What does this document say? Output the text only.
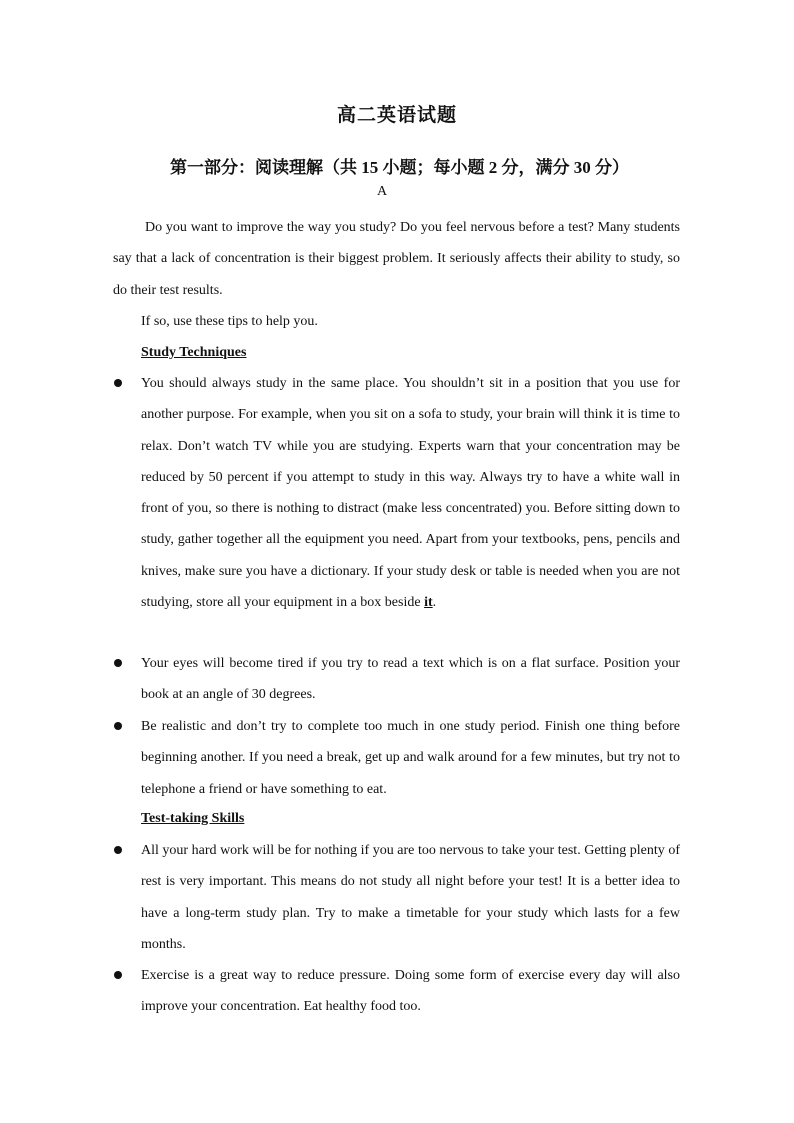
高二英语试题
第一部分：阅读理解（共 15 小题；每小题 2 分，满分 30 分）
A

Do you want to improve the way you study? Do you feel nervous before a test? Many students say that a lack of concentration is their biggest problem. It seriously affects their ability to study, so do their test results.

If so, use these tips to help you.

Study Techniques

You should always study in the same place. You shouldn’t sit in a position that you use for another purpose. For example, when you sit on a sofa to study, your brain will think it is time to relax. Don’t watch TV while you are studying. Experts warn that your concentration may be reduced by 50 percent if you attempt to study in this way. Always try to have a white wall in front of you, so there is nothing to distract (make less concentrated) you. Before sitting down to study, gather together all the equipment you need. Apart from your textbooks, pens, pencils and knives, make sure you have a dictionary. If your study desk or table is needed when you are not studying, store all your equipment in a box beside it.
Your eyes will become tired if you try to read a text which is on a flat surface. Position your book at an angle of 30 degrees.
Be realistic and don’t try to complete too much in one study period. Finish one thing before beginning another. If you need a break, get up and walk around for a few minutes, but try not to telephone a friend or have something to eat.

Test-taking Skills

All your hard work will be for nothing if you are too nervous to take your test. Getting plenty of rest is very important. This means do not study all night before your test! It is a better idea to have a long-term study plan. Try to make a timetable for your study which lasts for a few months.
Exercise is a great way to reduce pressure. Doing some form of exercise every day will also improve your concentration. Eat healthy food too.
